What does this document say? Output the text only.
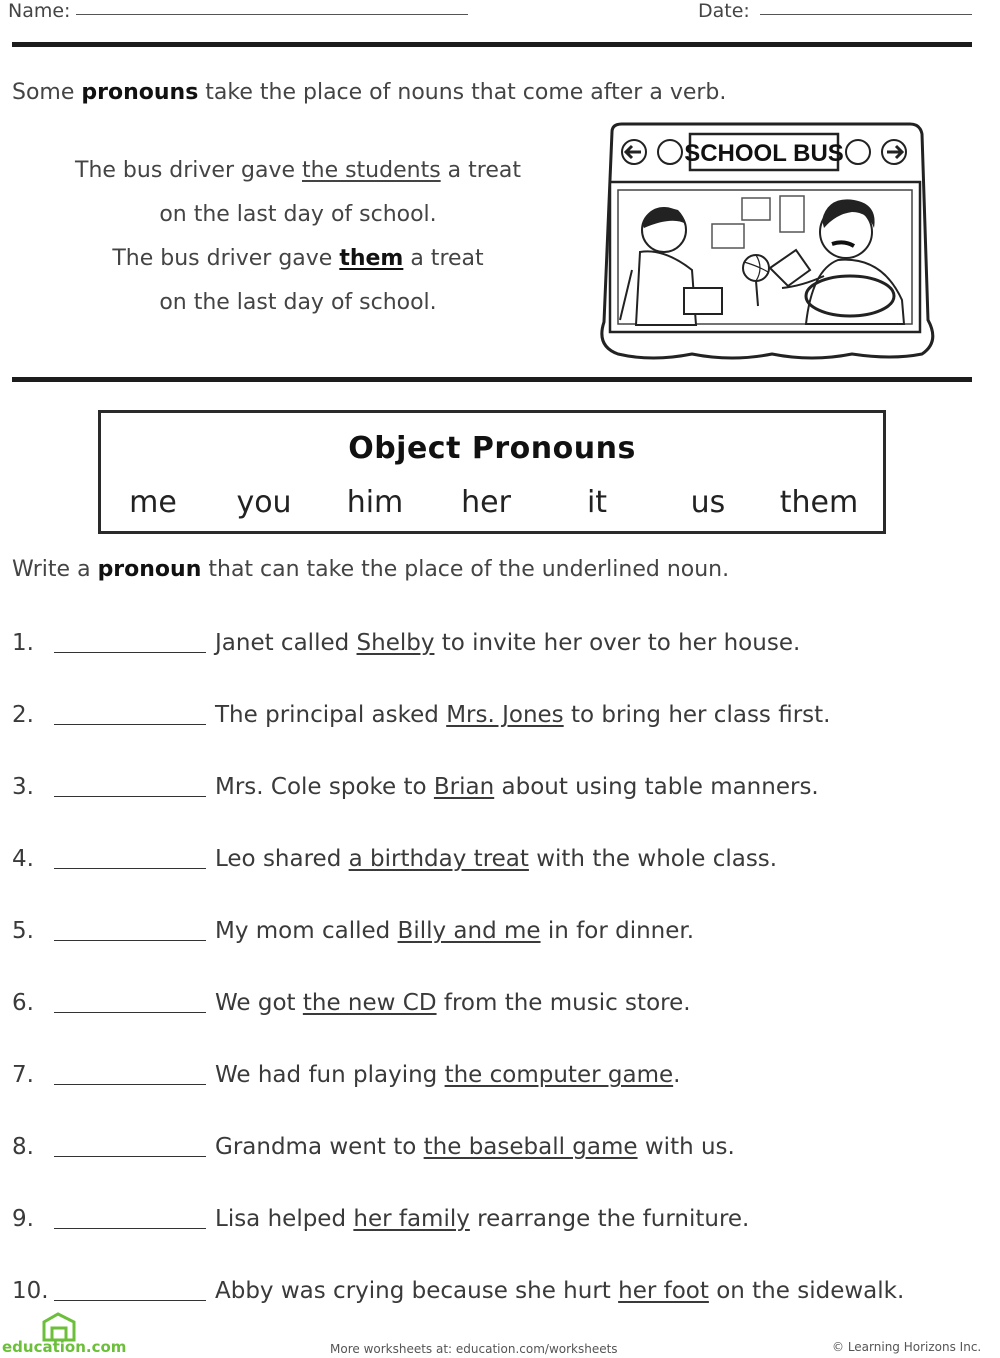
Name:	Date:
Some pronouns take the place of nouns that come after a verb.
The bus driver gave the students a treat
on the last day of school.
The bus driver gave them a treat
on the last day of school.
SCHOOL BUS
Object Pronouns
me	you	him	her	it	us	them
Write a pronoun that can take the place of the underlined noun.
1.	Janet called Shelby to invite her over to her house.
2.	The principal asked Mrs. Jones to bring her class first.
3.	Mrs. Cole spoke to Brian about using table manners.
4.	Leo shared a birthday treat with the whole class.
5.	My mom called Billy and me in for dinner.
6.	We got the new CD from the music store.
7.	We had fun playing the computer game.
8.	Grandma went to the baseball game with us.
9.	Lisa helped her family rearrange the furniture.
10.	Abby was crying because she hurt her foot on the sidewalk.
education.com	More worksheets at: education.com/worksheets	© Learning Horizons Inc.
